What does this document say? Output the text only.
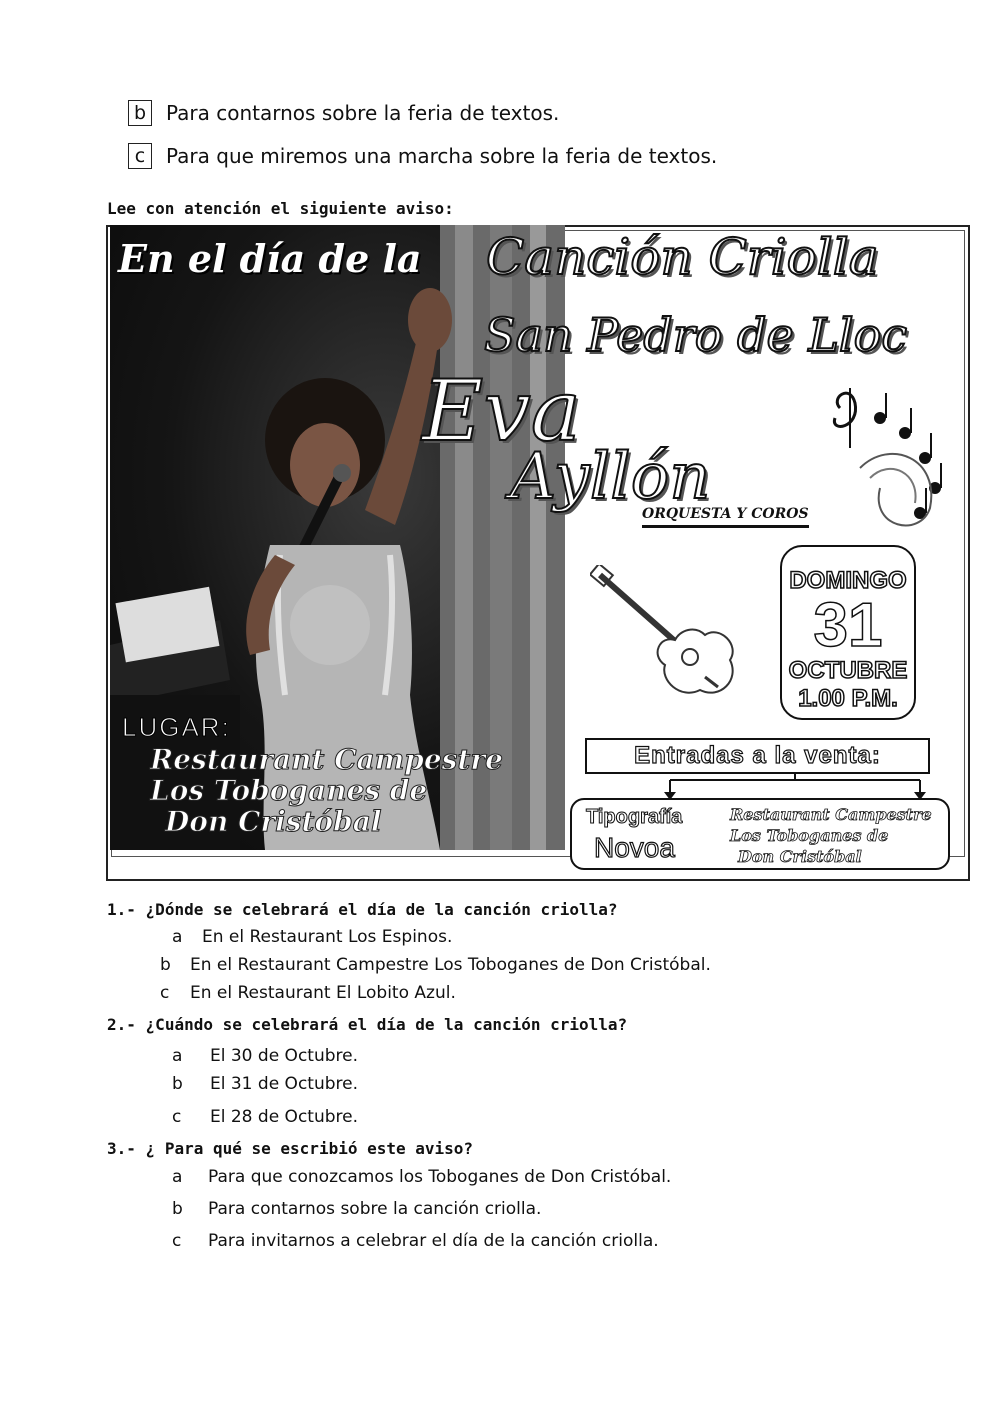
b Para contarnos sobre la feria de textos.
c	Para que miremos una marcha sobre la feria de textos.
Lee con atención el siguiente aviso:
En el día de la Canción Criolla
San Pedro de Lloc
Eva
Ayllón
ORQUESTA Y COROS
DOMINGO
31
OCTUBRE
1.00 P.M.
LUGAR:
Restaurant Campestre
Los Toboganes de
Don Cristóbal
Entradas a la venta:
Tipografía
Novoa
Restaurant Campestre
Los Toboganes de
Don Cristóbal
1.- ¿Dónde se celebrará el día de la canción criolla?
a	En el Restaurant Los Espinos.
b	En el Restaurant Campestre Los Toboganes de Don Cristóbal.
c	En el Restaurant El Lobito Azul.
2.- ¿Cuándo se celebrará el día de la canción criolla?
a	El 30 de Octubre.
b	El 31 de Octubre.
c	El 28 de Octubre.
3.- ¿ Para qué se escribió este aviso?
a	Para que conozcamos los Toboganes de Don Cristóbal.
b	Para contarnos sobre la canción criolla.
c	Para invitarnos a celebrar el día de la canción criolla.
